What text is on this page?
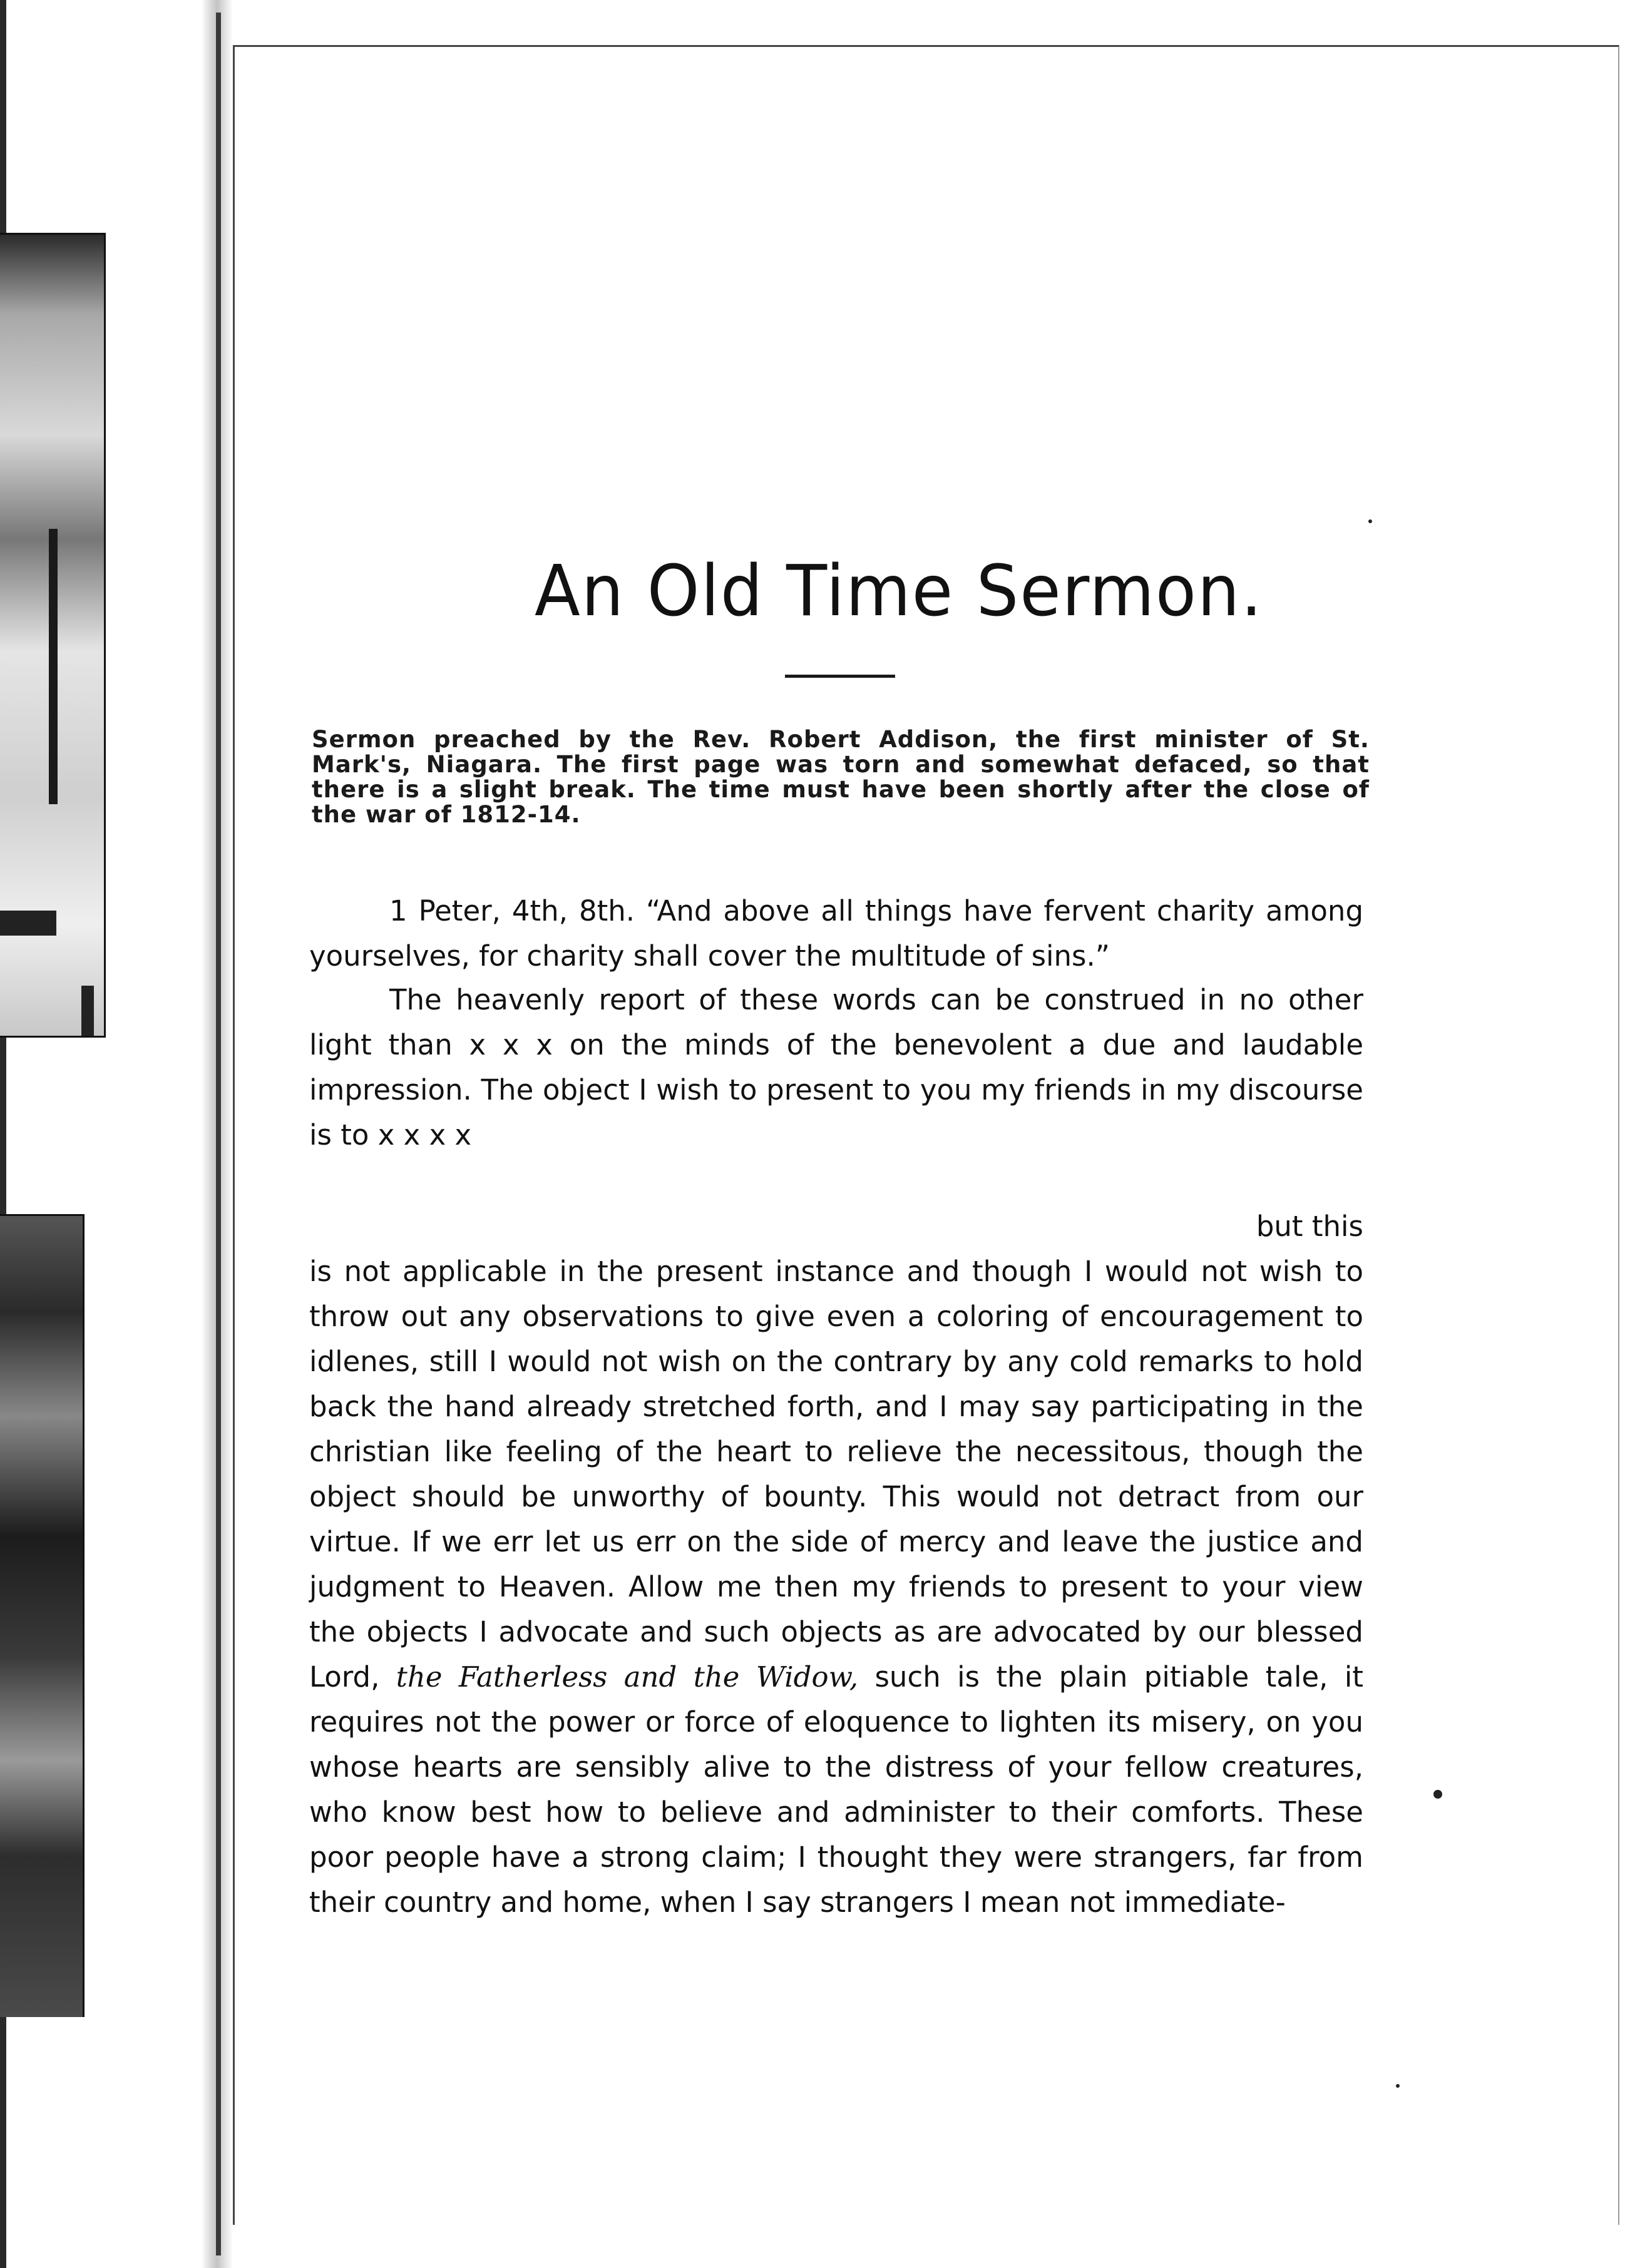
An Old Time Sermon.

Sermon preached by the Rev. Robert Addison, the first minister of St. Mark's, Niagara. The first page was torn and somewhat defaced, so that there is a slight break. The time must have been shortly after the close of the war of 1812-14.

1 Peter, 4th, 8th. “And above all things have fervent charity among yourselves, for charity shall cover the multitude of sins.”

The heavenly report of these words can be construed in no other light than x x x on the minds of the benevolent a due and laudable impression. The object I wish to present to you my friends in my discourse is to x x x x

but this

is not applicable in the present instance and though I would not wish to throw out any observations to give even a coloring of encouragement to idlenes, still I would not wish on the contrary by any cold remarks to hold back the hand already stretched forth, and I may say participating in the christian like feeling of the heart to relieve the necessitous, though the object should be unworthy of bounty. This would not detract from our virtue. If we err let us err on the side of mercy and leave the justice and judgment to Heaven. Allow me then my friends to present to your view the objects I advocate and such objects as are advocated by our blessed Lord, the Fatherless and the Widow, such is the plain pitiable tale, it requires not the power or force of eloquence to lighten its misery, on you whose hearts are sensibly alive to the distress of your fellow creatures, who know best how to believe and administer to their comforts. These poor people have a strong claim; I thought they were strangers, far from their country and home, when I say strangers I mean not immediate-
